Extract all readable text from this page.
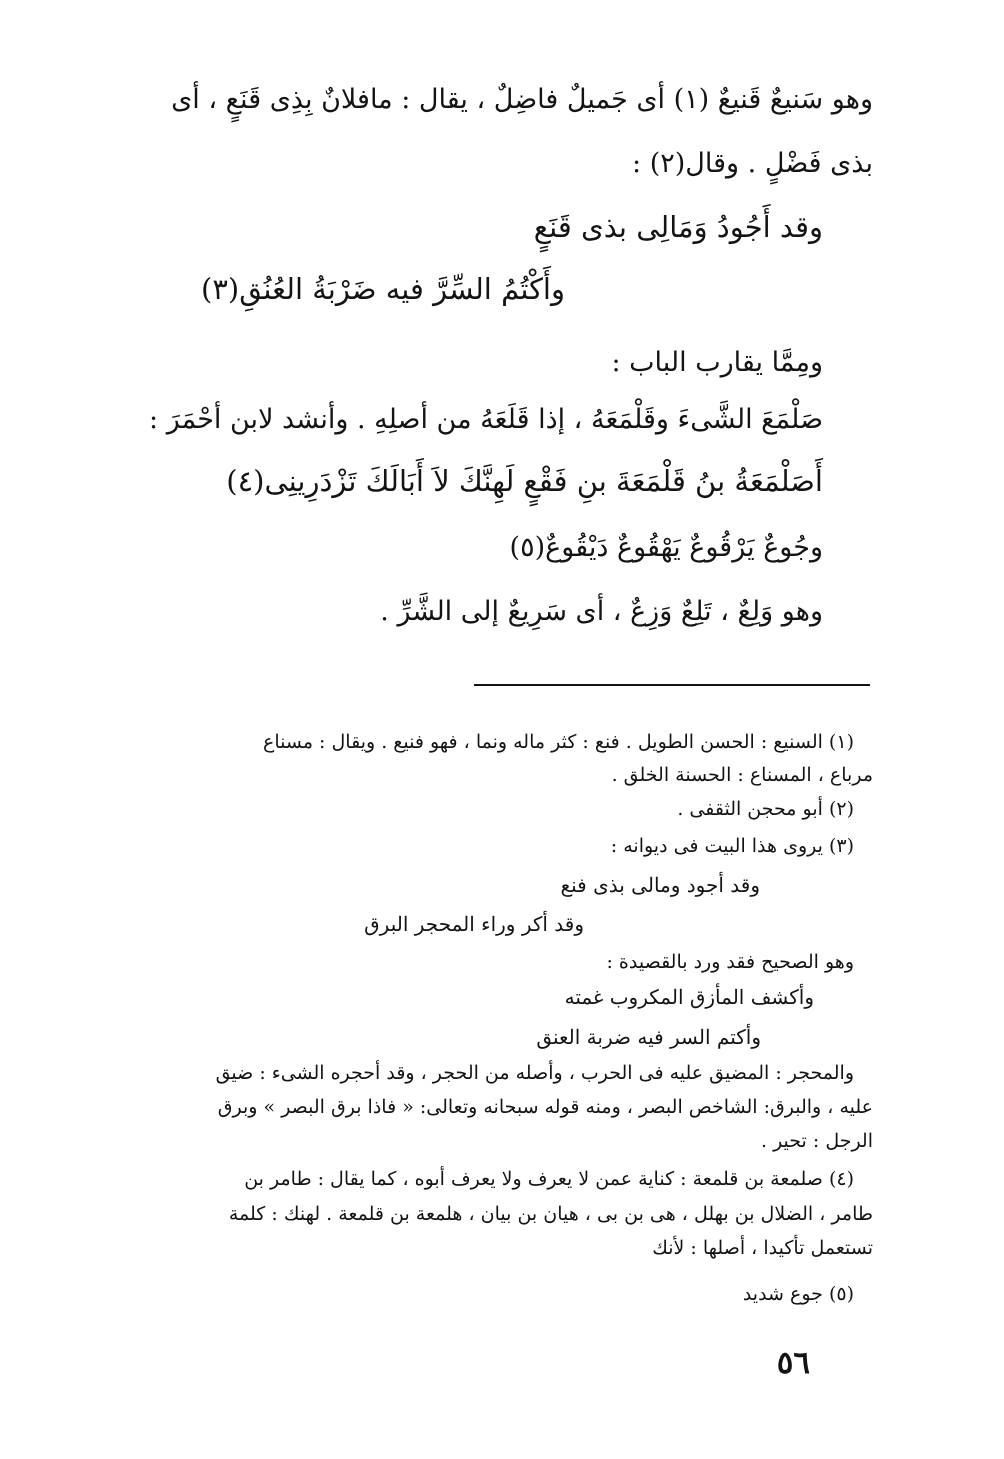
وهو سَنيعٌ قَنيعٌ (١) أى جَميلٌ فاضِلٌ ، يقال : مافلانٌ بِذِى قَنَعٍ ، أى
بذى فَضْلٍ . وقال(٢) :
وقد أَجُودُ وَمَالِى بذى قَنَعٍ
وأَكْتُمُ السِّرَّ فيه ضَرْبَةُ العُنُقِ(٣)
ومِمَّا يقارب الباب :
صَلْمَعَ الشَّىءَ وقَلْمَعَهُ ، إذا قَلَعَهُ من أصلِهِ . وأنشد لابن أحْمَرَ :
أَصَلْمَعَةُ بنُ قَلْمَعَةَ بنِ فَقْعٍ لَهِنَّكَ لاَ أَبَالَكَ تَزْدَرِينِى(٤)
وجُوعٌ يَرْقُوعٌ يَهْقُوعٌ دَيْقُوعٌ(٥)
وهو وَلِعٌ ، تَلِعٌ وَزِعٌ ، أى سَرِيعٌ إلى الشَّرِّ .
(١) السنيع : الحسن الطويل . فنع : كثر ماله ونما ، فهو فنيع . ويقال : مسناع
مرباع ، المسناع : الحسنة الخلق .
(٢) أبو محجن الثقفى .
(٣) يروى هذا البيت فى ديوانه :
وقد أجود ومالى بذى فنع
وقد أكر وراء المحجر البرق
وهو الصحيح فقد ورد بالقصيدة :
وأكشف المأزق المكروب غمته
وأكتم السر فيه ضربة العنق
والمحجر : المضيق عليه فى الحرب ، وأصله من الحجر ، وقد أحجره الشىء : ضيق
عليه ، والبرق: الشاخص البصر ، ومنه قوله سبحانه وتعالى: « فاذا برق البصر » وبرق
الرجل : تحير .
(٤) صلمعة بن قلمعة : كناية عمن لا يعرف ولا يعرف أبوه ، كما يقال : طامر بن
طامر ، الضلال بن بهلل ، هى بن بى ، هيان بن بيان ، هلمعة بن قلمعة . لهنك : كلمة
تستعمل تأكيدا ، أصلها : لأنك
(٥) جوع شديد
٥٦
